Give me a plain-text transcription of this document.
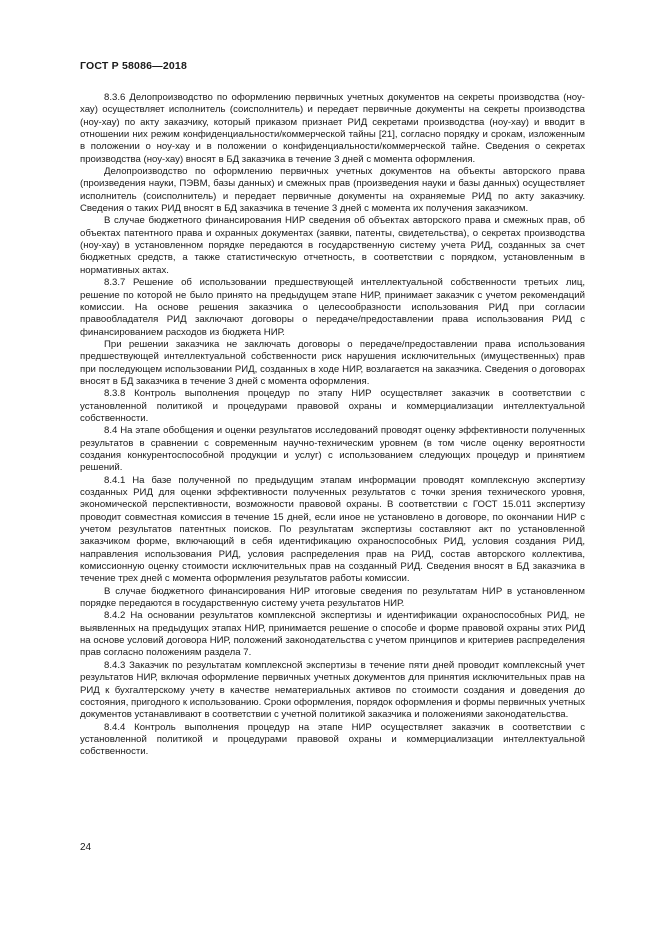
ГОСТ Р 58086—2018

8.3.6 Делопроизводство по оформлению первичных учетных документов на секреты производства (ноу-хау) осуществляет исполнитель (соисполнитель) и передает первичные документы на секреты производства (ноу-хау) по акту заказчику, который приказом признает РИД секретами производства (ноу-хау) и вводит в отношении них режим конфиденциальности/коммерческой тайны [21], согласно порядку и срокам, изложенным в положении о ноу-хау и в положении о конфиденциальности/коммерческой тайне. Сведения о секретах производства (ноу-хау) вносят в БД заказчика в течение 3 дней с момента оформления.

Делопроизводство по оформлению первичных учетных документов на объекты авторского права (произведения науки, ПЭВМ, базы данных) и смежных прав (произведения науки и базы данных) осуществляет исполнитель (соисполнитель) и передает первичные документы на охраняемые РИД по акту заказчику. Сведения о таких РИД вносят в БД заказчика в течение 3 дней с момента их получения заказчиком.

В случае бюджетного финансирования НИР сведения об объектах авторского права и смежных прав, об объектах патентного права и охранных документах (заявки, патенты, свидетельства), о секретах производства (ноу-хау) в установленном порядке передаются в государственную систему учета РИД, созданных за счет бюджетных средств, а также статистическую отчетность, в соответствии с порядком, установленным в нормативных актах.

8.3.7 Решение об использовании предшествующей интеллектуальной собственности третьих лиц, решение по которой не было принято на предыдущем этапе НИР, принимает заказчик с учетом рекомендаций комиссии. На основе решения заказчика о целесообразности использования РИД при согласии правообладателя РИД заключают договоры о передаче/предоставлении права использования РИД с финансированием расходов из бюджета НИР.

При решении заказчика не заключать договоры о передаче/предоставлении права использования предшествующей интеллектуальной собственности риск нарушения исключительных (имущественных) прав при последующем использовании РИД, созданных в ходе НИР, возлагается на заказчика. Сведения о договорах вносят в БД заказчика в течение 3 дней с момента оформления.

8.3.8 Контроль выполнения процедур по этапу НИР осуществляет заказчик в соответствии с установленной политикой и процедурами правовой охраны и коммерциализации интеллектуальной собственности.

8.4 На этапе обобщения и оценки результатов исследований проводят оценку эффективности полученных результатов в сравнении с современным научно-техническим уровнем (в том числе оценку вероятности создания конкурентоспособной продукции и услуг) с использованием следующих процедур и принятием решений.

8.4.1 На базе полученной по предыдущим этапам информации проводят комплексную экспертизу созданных РИД для оценки эффективности полученных результатов с точки зрения технического уровня, экономической перспективности, возможности правовой охраны. В соответствии с ГОСТ 15.011 экспертизу проводит совместная комиссия в течение 15 дней, если иное не установлено в договоре, по окончании НИР с учетом результатов патентных поисков. По результатам экспертизы составляют акт по установленной заказчиком форме, включающий в себя идентификацию охраноспособных РИД, условия создания РИД, направления использования РИД, условия распределения прав на РИД, состав авторского коллектива, комиссионную оценку стоимости исключительных прав на созданный РИД. Сведения вносят в БД заказчика в течение трех дней с момента оформления результатов работы комиссии.

В случае бюджетного финансирования НИР итоговые сведения по результатам НИР в установленном порядке передаются в государственную систему учета результатов НИР.

8.4.2 На основании результатов комплексной экспертизы и идентификации охраноспособных РИД, не выявленных на предыдущих этапах НИР, принимается решение о способе и форме правовой охраны этих РИД на основе условий договора НИР, положений законодательства с учетом принципов и критериев распределения прав согласно положениям раздела 7.

8.4.3 Заказчик по результатам комплексной экспертизы в течение пяти дней проводит комплексный учет результатов НИР, включая оформление первичных учетных документов для принятия исключительных прав на РИД к бухгалтерскому учету в качестве нематериальных активов по стоимости создания и доведения до состояния, пригодного к использованию. Сроки оформления, порядок оформления и формы первичных учетных документов устанавливают в соответствии с учетной политикой заказчика и положениями законодательства.

8.4.4 Контроль выполнения процедур на этапе НИР осуществляет заказчик в соответствии с установленной политикой и процедурами правовой охраны и коммерциализации интеллектуальной собственности.

24
